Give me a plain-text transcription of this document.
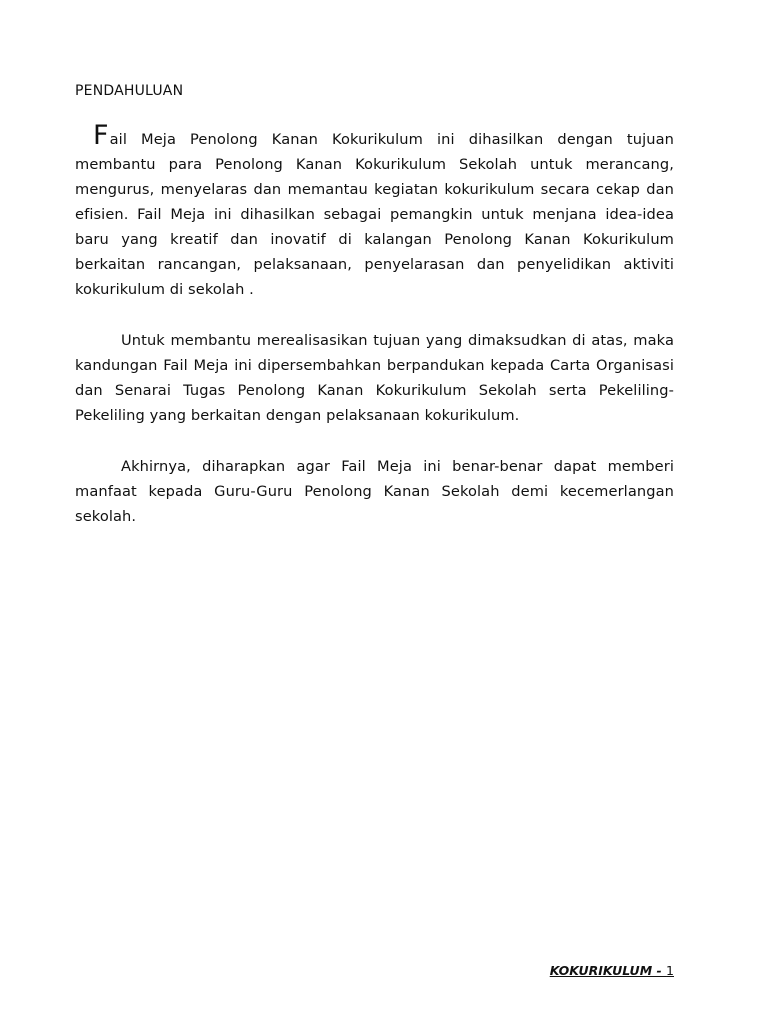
PENDAHULUAN
Fail Meja Penolong Kanan Kokurikulum ini dihasilkan dengan tujuan membantu para Penolong Kanan Kokurikulum Sekolah untuk merancang, mengurus, menyelaras dan memantau kegiatan kokurikulum secara cekap dan efisien. Fail Meja ini dihasilkan sebagai pemangkin untuk menjana idea-idea baru yang kreatif dan inovatif di kalangan Penolong Kanan Kokurikulum berkaitan rancangan, pelaksanaan, penyelarasan dan penyelidikan aktiviti kokurikulum di sekolah .
Untuk membantu merealisasikan tujuan yang dimaksudkan di atas, maka kandungan Fail Meja ini dipersembahkan berpandukan kepada Carta Organisasi dan Senarai Tugas Penolong Kanan Kokurikulum Sekolah serta Pekeliling-Pekeliling yang berkaitan dengan pelaksanaan kokurikulum.
Akhirnya, diharapkan agar Fail Meja ini benar-benar dapat memberi manfaat kepada Guru-Guru Penolong Kanan Sekolah demi kecemerlangan sekolah.
KOKURIKULUM - 1
